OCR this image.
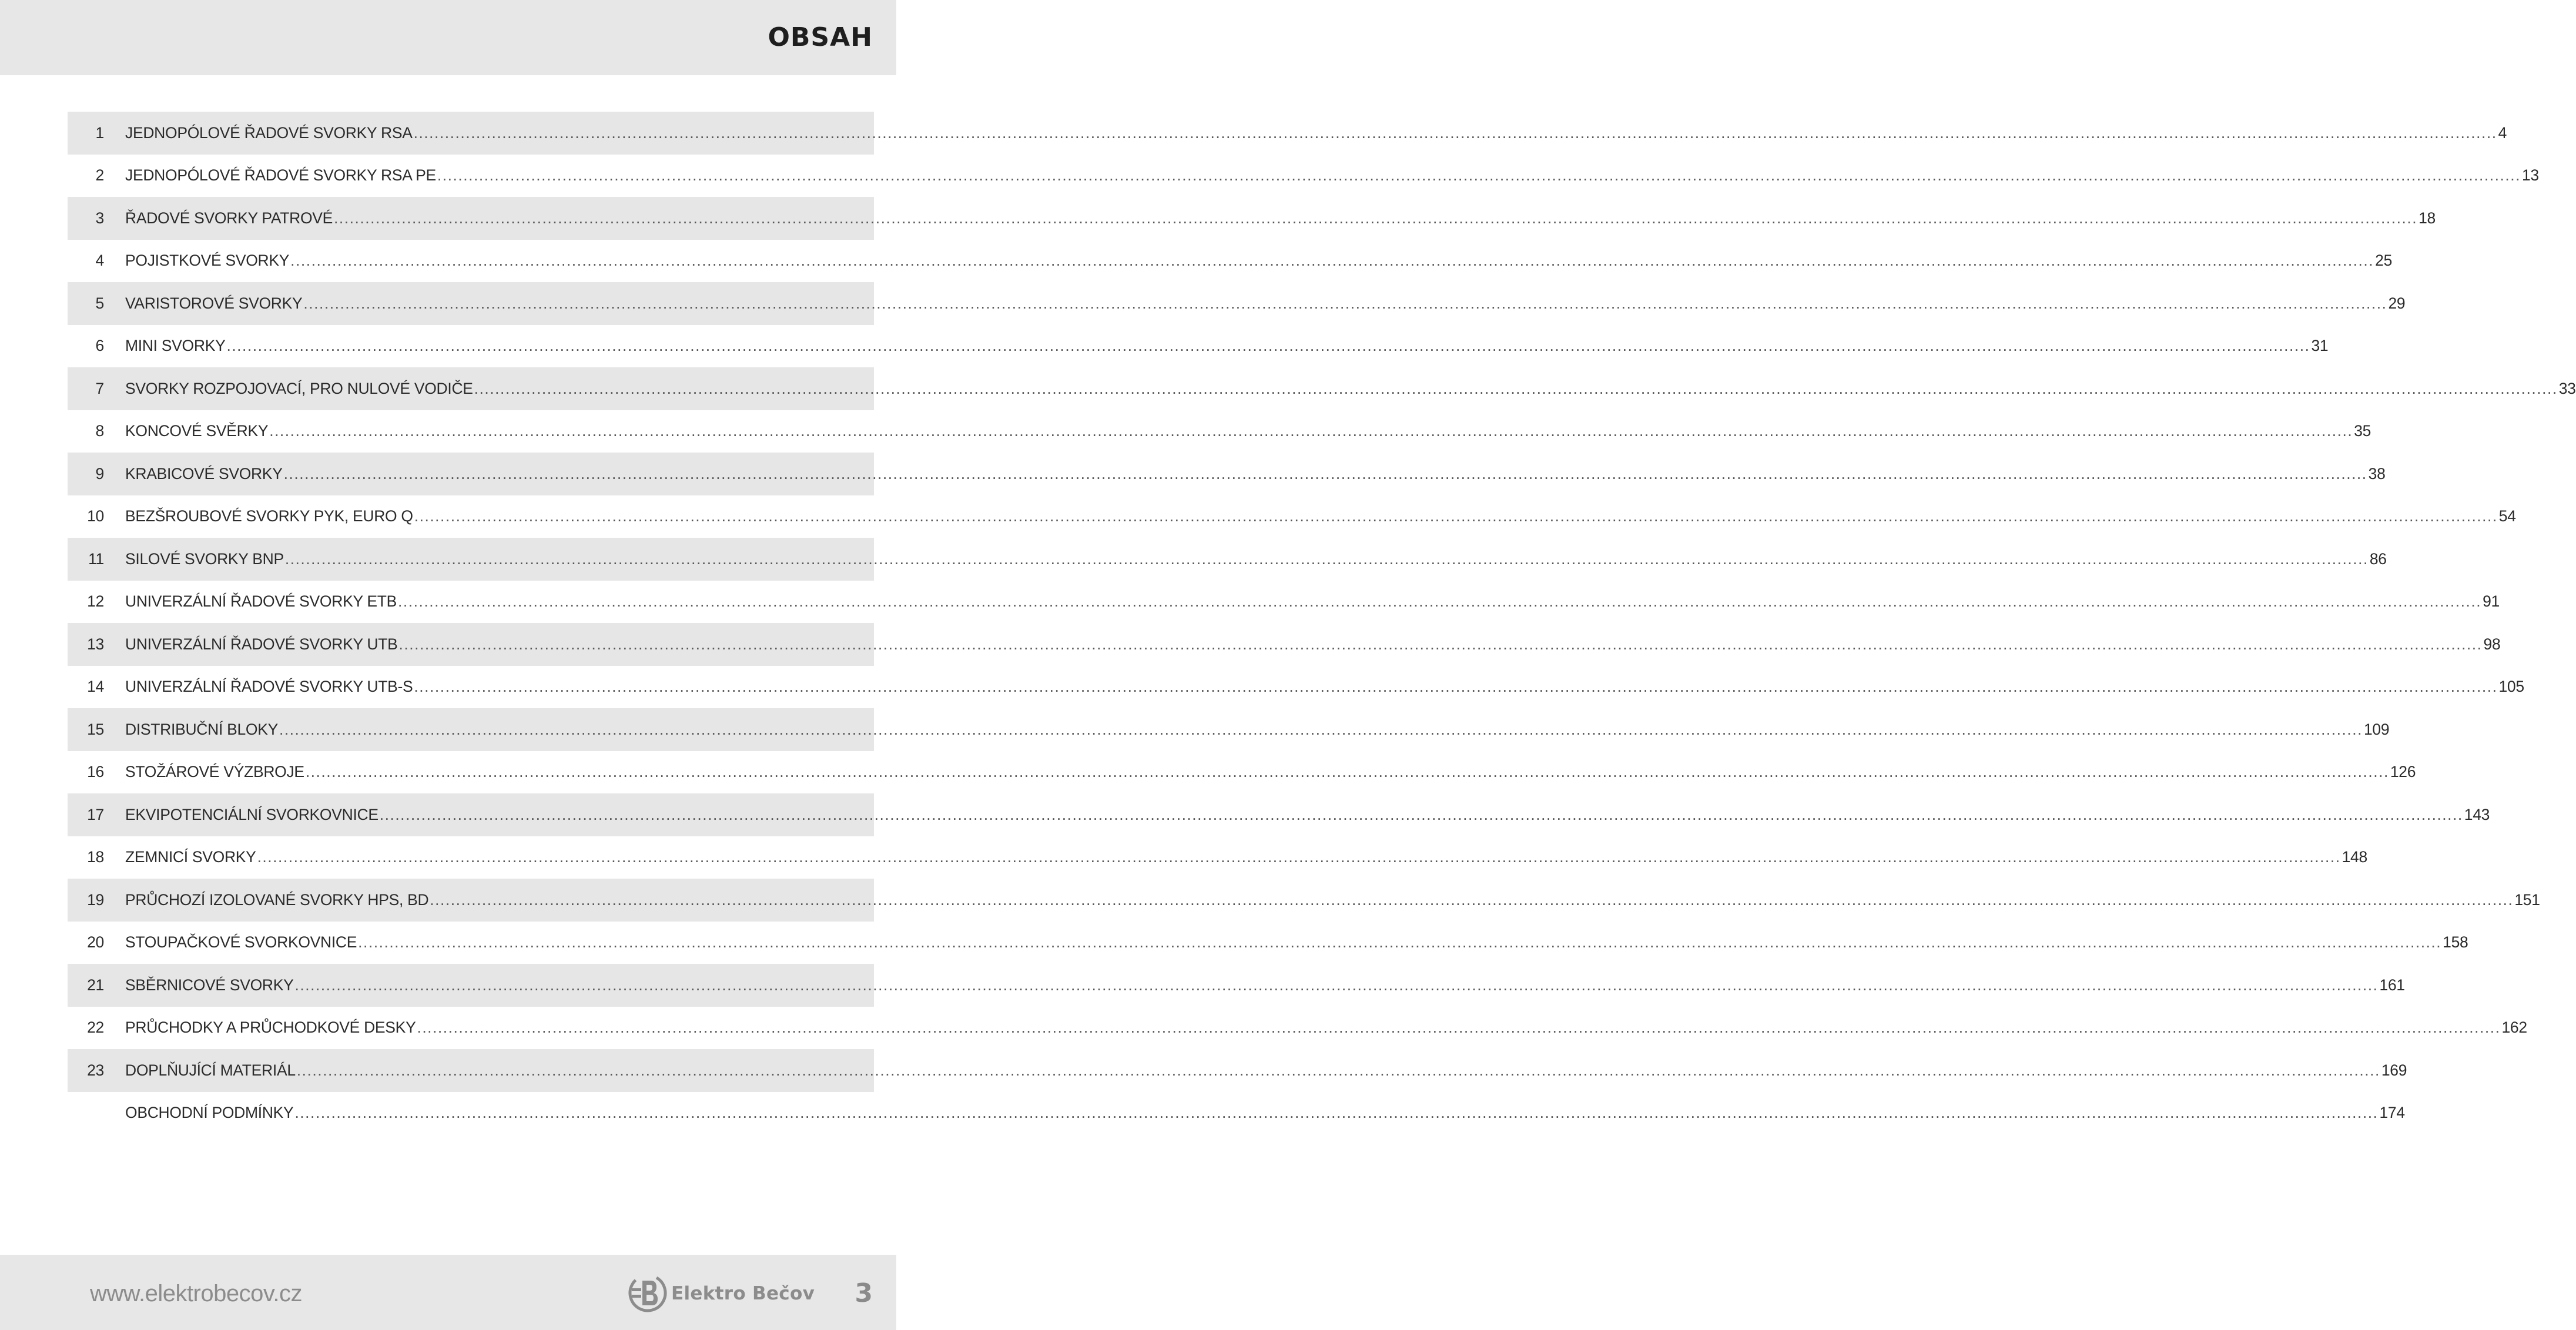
OBSAH
1 JEDNOPÓLOVÉ ŘADOVÉ SVORKY RSA ................................................................................................................................................................................................................................................................................................................................................................................................................ 4
2 JEDNOPÓLOVÉ ŘADOVÉ SVORKY RSA PE ................................................................................................................................................................................................................................................................................................................................................................................................................ 13
3 ŘADOVÉ SVORKY PATROVÉ ................................................................................................................................................................................................................................................................................................................................................................................................................ 18
4 POJISTKOVÉ SVORKY ................................................................................................................................................................................................................................................................................................................................................................................................................ 25
5 VARISTOROVÉ SVORKY ................................................................................................................................................................................................................................................................................................................................................................................................................ 29
6 MINI SVORKY ................................................................................................................................................................................................................................................................................................................................................................................................................ 31
7 SVORKY ROZPOJOVACÍ, PRO NULOVÉ VODIČE ................................................................................................................................................................................................................................................................................................................................................................................................................ 33
8 KONCOVÉ SVĚRKY ................................................................................................................................................................................................................................................................................................................................................................................................................ 35
9 KRABICOVÉ SVORKY ................................................................................................................................................................................................................................................................................................................................................................................................................ 38
10 BEZŠROUBOVÉ SVORKY PYK, EURO Q ................................................................................................................................................................................................................................................................................................................................................................................................................ 54
11 SILOVÉ SVORKY BNP ................................................................................................................................................................................................................................................................................................................................................................................................................ 86
12 UNIVERZÁLNÍ ŘADOVÉ SVORKY ETB ................................................................................................................................................................................................................................................................................................................................................................................................................ 91
13 UNIVERZÁLNÍ ŘADOVÉ SVORKY UTB ................................................................................................................................................................................................................................................................................................................................................................................................................ 98
14 UNIVERZÁLNÍ ŘADOVÉ SVORKY UTB-S ................................................................................................................................................................................................................................................................................................................................................................................................................ 105
15 DISTRIBUČNÍ BLOKY ................................................................................................................................................................................................................................................................................................................................................................................................................ 109
16 STOŽÁROVÉ VÝZBROJE ................................................................................................................................................................................................................................................................................................................................................................................................................ 126
17 EKVIPOTENCIÁLNÍ SVORKOVNICE ................................................................................................................................................................................................................................................................................................................................................................................................................ 143
18 ZEMNICÍ SVORKY ................................................................................................................................................................................................................................................................................................................................................................................................................ 148
19 PRŮCHOZÍ IZOLOVANÉ SVORKY HPS, BD ................................................................................................................................................................................................................................................................................................................................................................................................................ 151
20 STOUPAČKOVÉ SVORKOVNICE ................................................................................................................................................................................................................................................................................................................................................................................................................ 158
21 SBĚRNICOVÉ SVORKY ................................................................................................................................................................................................................................................................................................................................................................................................................ 161
22 PRŮCHODKY A PRŮCHODKOVÉ DESKY ................................................................................................................................................................................................................................................................................................................................................................................................................ 162
23 DOPLŇUJÍCÍ MATERIÁL ................................................................................................................................................................................................................................................................................................................................................................................................................ 169
OBCHODNÍ PODMÍNKY ................................................................................................................................................................................................................................................................................................................................................................................................................ 174
www.elektrobecov.cz	Elektro Bečov 3
